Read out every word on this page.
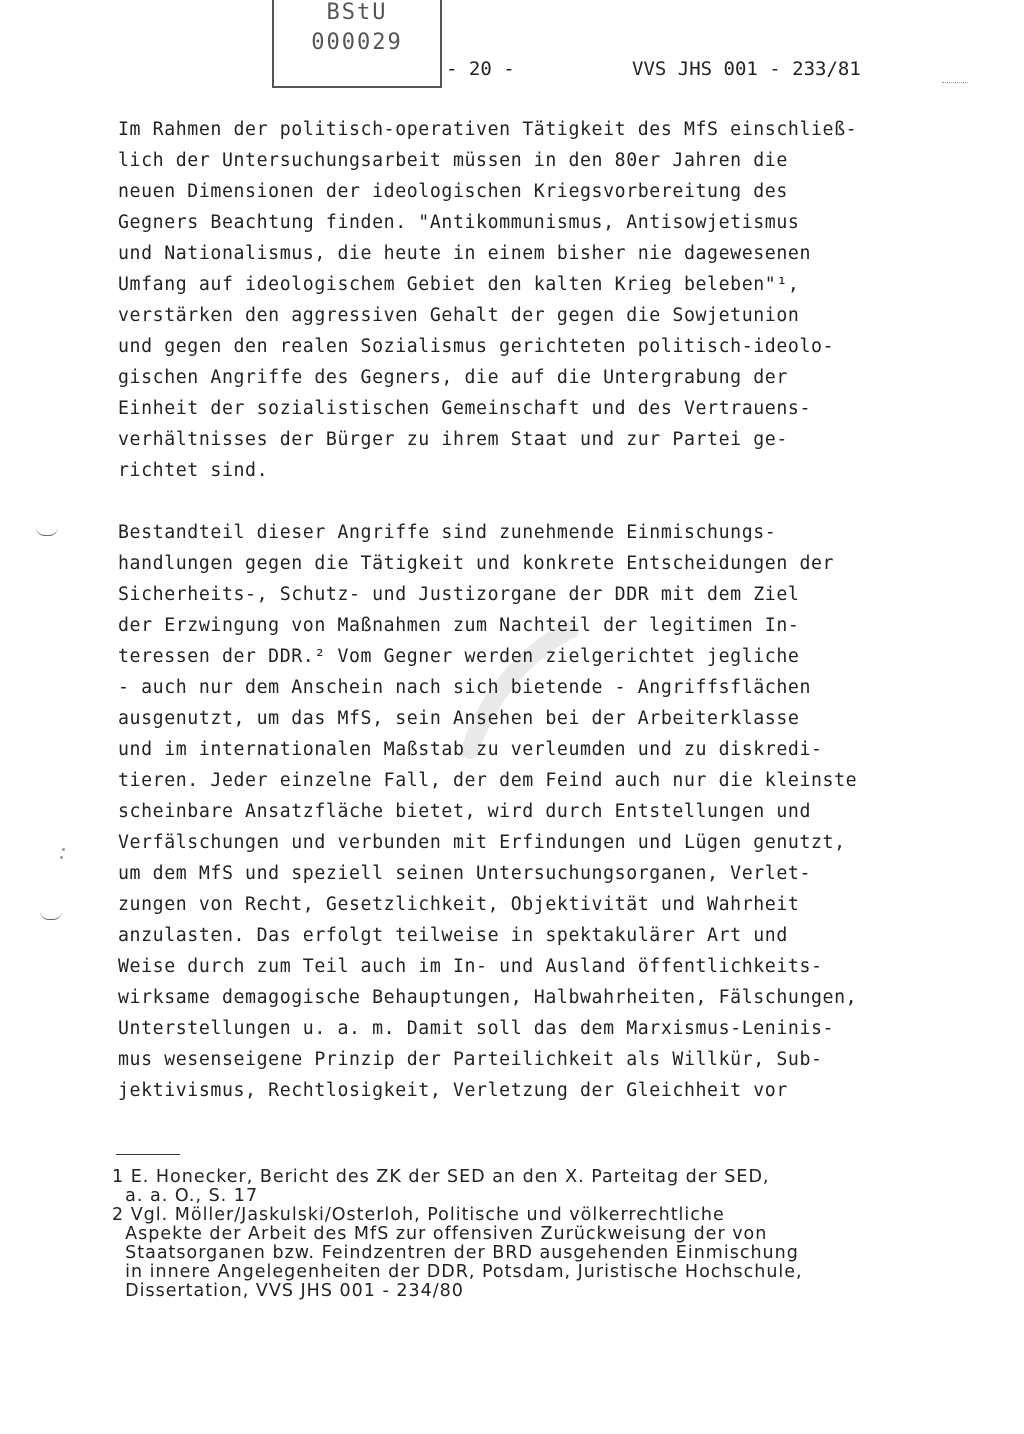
BStU
000029
- 20 -	VVS JHS 001 - 233/81

Im Rahmen der politisch-operativen Tätigkeit des MfS einschließ-
lich der Untersuchungsarbeit müssen in den 80er Jahren die
neuen Dimensionen der ideologischen Kriegsvorbereitung des
Gegners Beachtung finden. "Antikommunismus, Antisowjetismus
und Nationalismus, die heute in einem bisher nie dagewesenen
Umfang auf ideologischem Gebiet den kalten Krieg beleben"¹,
verstärken den aggressiven Gehalt der gegen die Sowjetunion
und gegen den realen Sozialismus gerichteten politisch-ideolo-
gischen Angriffe des Gegners, die auf die Untergrabung der
Einheit der sozialistischen Gemeinschaft und des Vertrauens-
verhältnisses der Bürger zu ihrem Staat und zur Partei ge-
richtet sind.

Bestandteil dieser Angriffe sind zunehmende Einmischungs-
handlungen gegen die Tätigkeit und konkrete Entscheidungen der
Sicherheits-, Schutz- und Justizorgane der DDR mit dem Ziel
der Erzwingung von Maßnahmen zum Nachteil der legitimen In-
teressen der DDR.² Vom Gegner werden zielgerichtet jegliche
- auch nur dem Anschein nach sich bietende - Angriffsflächen
ausgenutzt, um das MfS, sein Ansehen bei der Arbeiterklasse
und im internationalen Maßstab zu verleumden und zu diskredi-
tieren. Jeder einzelne Fall, der dem Feind auch nur die kleinste
scheinbare Ansatzfläche bietet, wird durch Entstellungen und
Verfälschungen und verbunden mit Erfindungen und Lügen genutzt,
um dem MfS und speziell seinen Untersuchungsorganen, Verlet-
zungen von Recht, Gesetzlichkeit, Objektivität und Wahrheit
anzulasten. Das erfolgt teilweise in spektakulärer Art und
Weise durch zum Teil auch im In- und Ausland öffentlichkeits-
wirksame demagogische Behauptungen, Halbwahrheiten, Fälschungen,
Unterstellungen u. a. m. Damit soll das dem Marxismus-Leninis-
mus wesenseigene Prinzip der Parteilichkeit als Willkür, Sub-
jektivismus, Rechtlosigkeit, Verletzung der Gleichheit vor

1 E. Honecker, Bericht des ZK der SED an den X. Parteitag der SED,
a. a. O., S. 17
2 Vgl. Möller/Jaskulski/Osterloh, Politische und völkerrechtliche
Aspekte der Arbeit des MfS zur offensiven Zurückweisung der von
Staatsorganen bzw. Feindzentren der BRD ausgehenden Einmischung
in innere Angelegenheiten der DDR, Potsdam, Juristische Hochschule,
Dissertation, VVS JHS 001 - 234/80
